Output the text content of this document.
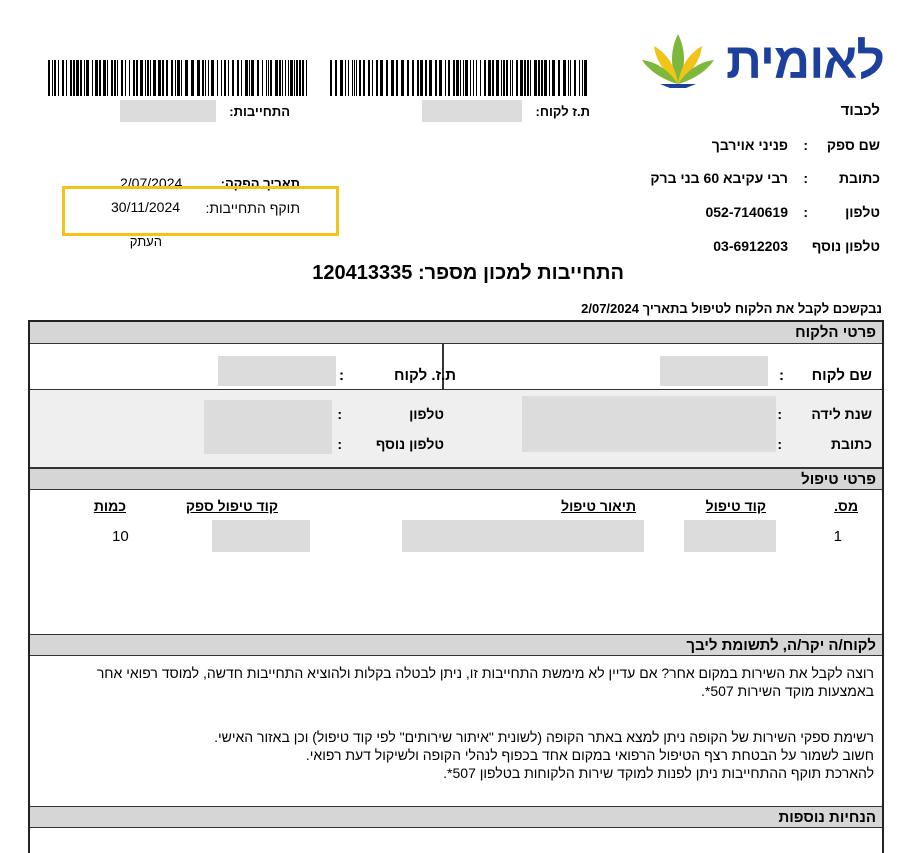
לאומית
לכבוד
שם ספק
:
פניני אוירבך
כתובת
:
רבי עקיבא 60 בני ברק
טלפון
:
052-7140619
טלפון נוסף
03-6912203
ת.ז לקוח:
התחייבות:
תאריך הפקה:
2/07/2024
תוקף התחייבות:
30/11/2024
העתק
התחייבות למכון מספר: 120413335
נבקשכם לקבל את הלקוח לטיפול בתאריך 2/07/2024
פרטי הלקוח
שם לקוח
:
ת.ז. לקוח
:
שנת לידה
:
כתובת
:
טלפון
:
טלפון נוסף
:
פרטי טיפול
מס.
קוד טיפול
תיאור טיפול
קוד טיפול ספק
כמות
1
10
לקוח/ה יקר/ה, לתשומת ליבך
רוצה לקבל את השירות במקום אחר? אם עדיין לא מימשת התחייבות זו, ניתן לבטלה בקלות ולהוציא התחייבות חדשה, למוסד רפואי אחר באמצעות מוקד השירות 507*.
רשימת ספקי השירות של הקופה ניתן למצא באתר הקופה (לשונית "איתור שירותים" לפי קוד טיפול) וכן באזור האישי.
חשוב לשמור על הבטחת רצף הטיפול הרפואי במקום אחד בכפוף לנהלי הקופה ולשיקול דעת רפואי.
להארכת תוקף ההתחייבות ניתן לפנות למוקד שירות הלקוחות בטלפון 507*.
הנחיות נוספות
